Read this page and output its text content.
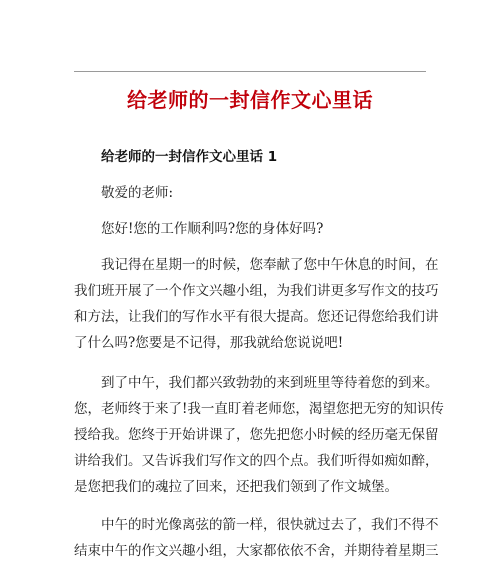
给老师的一封信作文心里话
给老师的一封信作文心里话 1
敬爱的老师:
您好!您的工作顺利吗?您的身体好吗?
我记得在星期一的时候，您奉献了您中午休息的时间，在
我们班开展了一个作文兴趣小组，为我们讲更多写作文的技巧
和方法，让我们的写作水平有很大提高。您还记得您给我们讲
了什么吗?您要是不记得，那我就给您说说吧!
到了中午，我们都兴致勃勃的来到班里等待着您的到来。
您，老师终于来了!我一直盯着老师您，渴望您把无穷的知识传
授给我。您终于开始讲课了，您先把您小时候的经历毫无保留
讲给我们。又告诉我们写作文的四个点。我们听得如痴如醉，
是您把我们的魂拉了回来，还把我们领到了作文城堡。
中午的时光像离弦的箭一样，很快就过去了，我们不得不
结束中午的作文兴趣小组，大家都依依不舍，并期待着星期三
